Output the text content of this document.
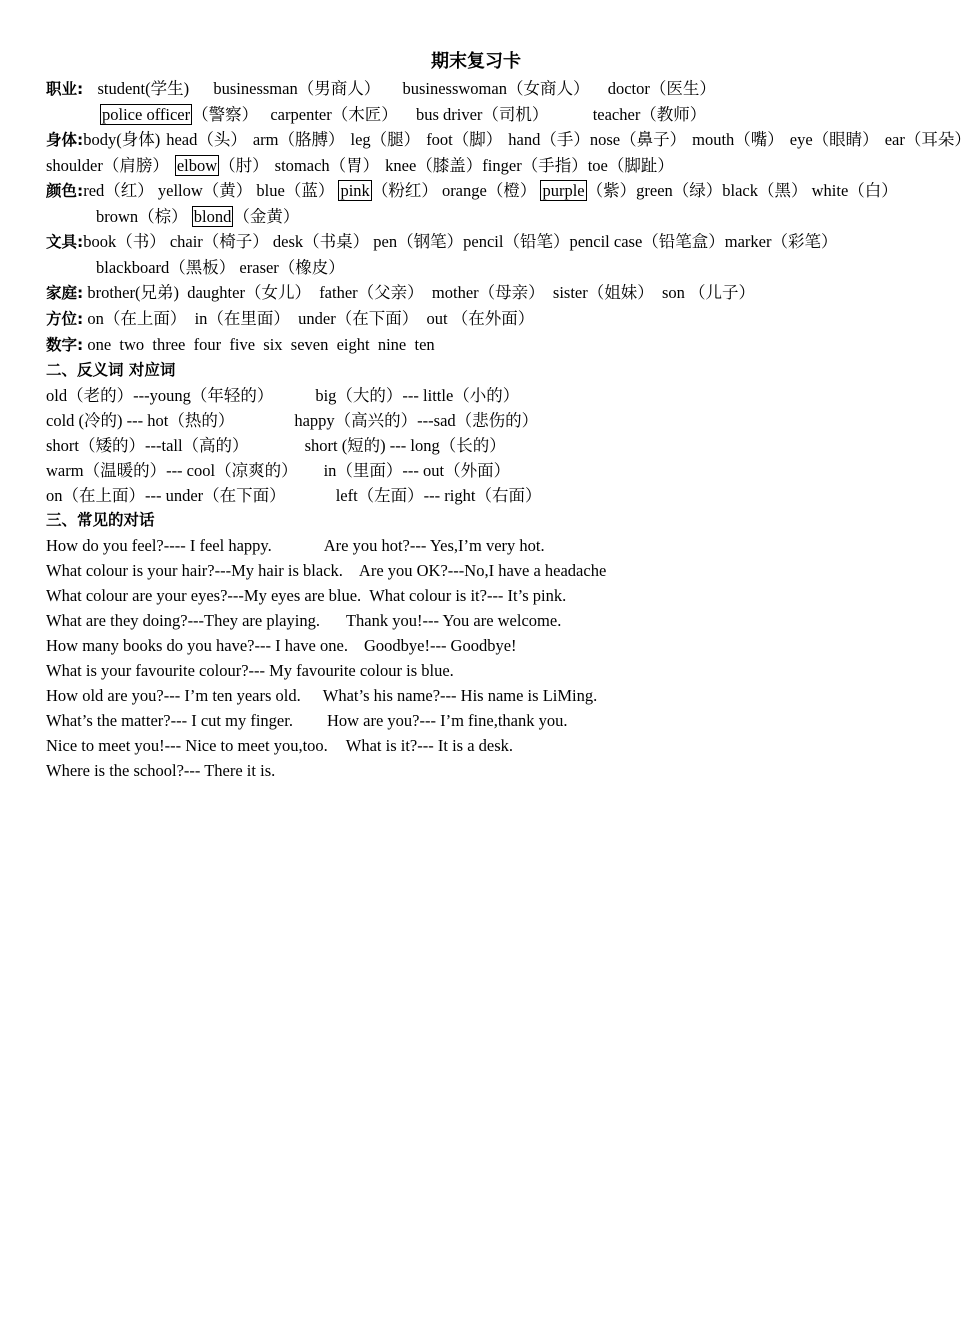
期末复习卡
职业: student(学生) businessman（男商人） businesswoman（女商人） doctor（医生）
police officer （警察） carpenter（木匠） bus driver（司机）	teacher（教师）
身体:body(身体) head（头） arm（胳膊） leg（腿） foot（脚） hand（手）nose（鼻子） mouth（嘴） eye（眼睛） ear（耳朵）
shoulder（肩膀） elbow （肘） stomach（胃） knee（膝盖）finger（手指）toe（脚趾）
颜色:red（红） yellow（黄） blue（蓝） pink （粉红） orange（橙） purple （紫）green（绿）black（黑） white（白） brown（棕） blond （金黄）
文具:book（书） chair（椅子） desk（书桌） pen（钢笔）pencil（铅笔）pencil case（铅笔盒）marker（彩笔） blackboard（黑板） eraser（橡皮）
家庭: brother(兄弟)  daughter（女儿）  father（父亲）  mother（母亲）  sister（姐妹）  son （儿子）
方位: on（在上面）  in（在里面）  under（在下面）  out （在外面）
数字: one  two  three  four  five  six  seven  eight  nine  ten
二、反义词 对应词
old（老的）---young（年轻的）	big（大的）--- little（小的）
cold (冷的) --- hot（热的）	happy（高兴的）---sad（悲伤的）
short（矮的）---tall（高的）	short (短的) --- long（长的）
warm（温暖的）--- cool（凉爽的） in（里面）--- out（外面）
on（在上面）--- under（在下面）	left（左面）--- right（右面）
三、常见的对话
How do you feel?---- I feel happy.	Are you hot?--- Yes,I’m very hot.
What colour is your hair?---My hair is black. Are you OK?---No,I have a headache
What colour are your eyes?---My eyes are blue. What colour is it?--- It’s pink.
What are they doing?---They are playing. Thank you!--- You are welcome.
How many books do you have?--- I have one. Goodbye!--- Goodbye!
What is your favourite colour?--- My favourite colour is blue.
How old are you?--- I’m ten years old. What’s his name?--- His name is LiMing.
What’s the matter?--- I cut my finger. How are you?--- I’m fine,thank you.
Nice to meet you!--- Nice to meet you,too. What is it?--- It is a desk.
Where is the school?--- There it is.
